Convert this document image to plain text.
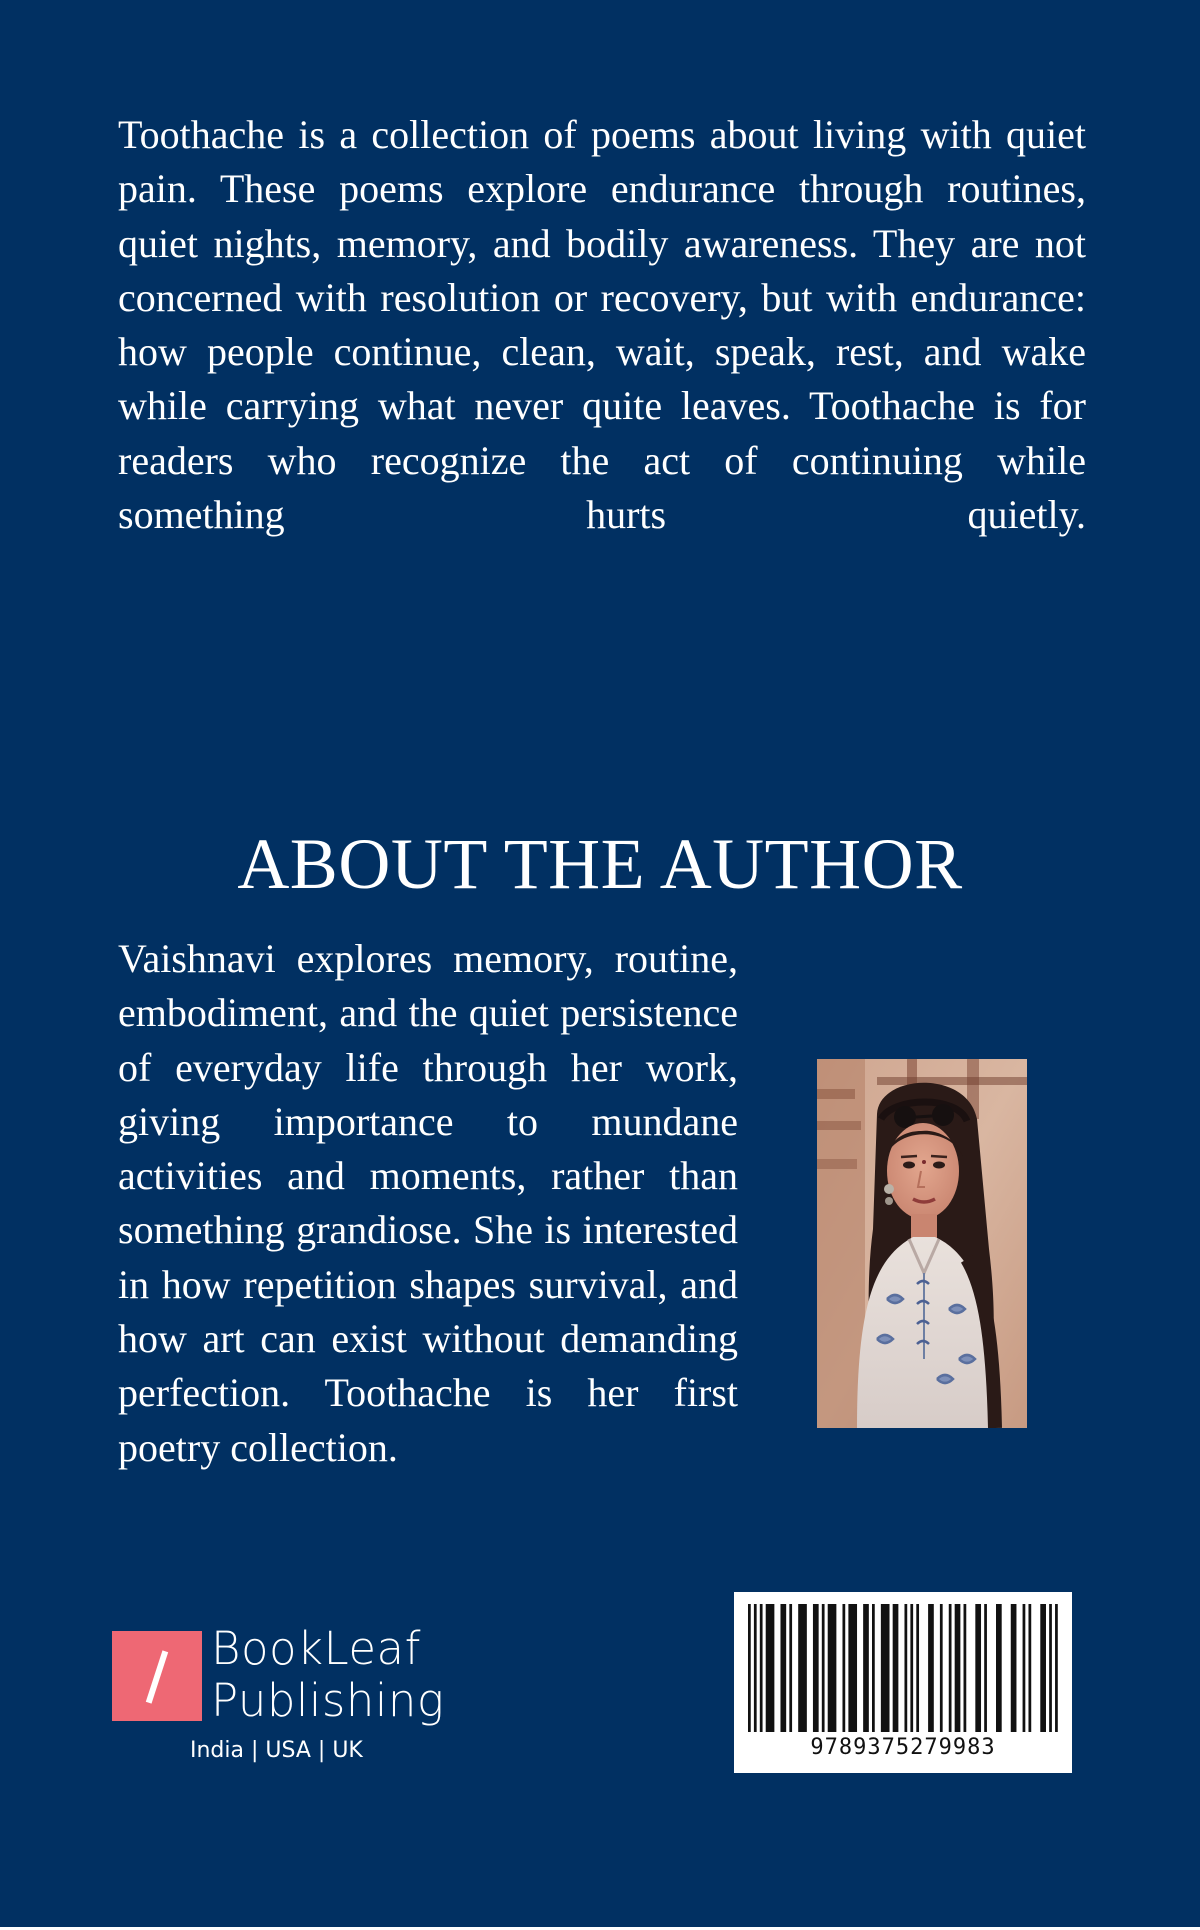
Toothache is a collection of poems about living with quiet pain. These poems explore endurance through routines, quiet nights, memory, and bodily awareness. They are not concerned with resolution or recovery, but with endurance: how people continue, clean, wait, speak, rest, and wake while carrying what never quite leaves. Toothache is for readers who recognize the act of continuing while something hurts quietly.

ABOUT THE AUTHOR

Vaishnavi explores memory, routine, embodiment, and the quiet persistence of everyday life through her work, giving importance to mundane activities and moments, rather than something grandiose. She is interested in how repetition shapes survival, and how art can exist without demanding perfection. Toothache is her first poetry collection.

BookLeaf
Publishing
India | USA | UK	9789375279983
